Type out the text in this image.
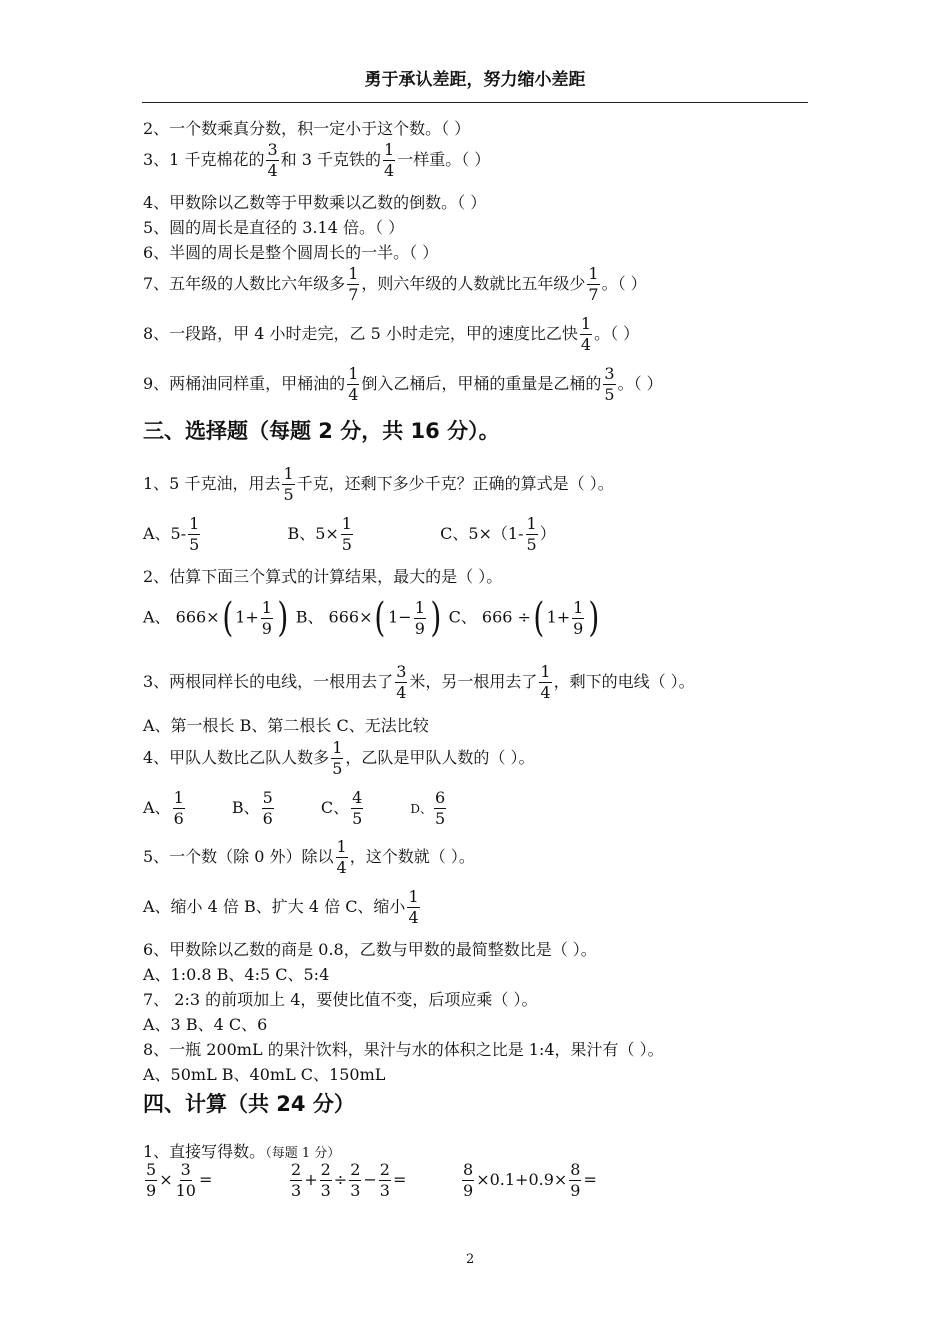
勇于承认差距，努力缩小差距
2、一个数乘真分数，积一定小于这个数。（ ）
3、1 千克棉花的 $\frac{3}{4}$ 和 3 千克铁的 $\frac{1}{4}$ 一样重。（ ）
4、甲数除以乙数等于甲数乘以乙数的倒数。（ ）
5、圆的周长是直径的 3.14 倍。（ ）
6、半圆的周长是整个圆周长的一半。（ ）
7、五年级的人数比六年级多 $\frac{1}{7}$ ，则六年级的人数就比五年级少 $\frac{1}{7}$ 。（ ）
8、一段路，甲 4 小时走完，乙 5 小时走完，甲的速度比乙快 $\frac{1}{4}$ 。（ ）
9、两桶油同样重，甲桶油的 $\frac{1}{4}$ 倒入乙桶后，甲桶的重量是乙桶的 $\frac{3}{5}$ 。（ ）
三、选择题（每题 2 分，共 16 分）。
1、5 千克油，用去 $\frac{1}{5}$ 千克，还剩下多少千克？正确的算式是（ ）。
A、$5- \frac{1}{5}$	B、$5\times \frac{1}{5}$	C、$5\times(1- \frac{1}{5}$ ）
2、估算下面三个算式的计算结果，最大的是（ ）。
A、 666×( $1+ \frac{1}{9}$ ) B、 666×( $1- \frac{1}{9}$ ) C、 666 ÷( $1+ \frac{1}{9}$ )
3、两根同样长的电线，一根用去了 $\frac{3}{4}$ 米，另一根用去了 $\frac{1}{4}$ ，剩下的电线（ ）。
A、第一根长 B、第二根长 C、无法比较
4、甲队人数比乙队人数多 $\frac{1}{5}$ ，乙队是甲队人数的（ ）。
A、 $\frac{1}{6}$	B、 $\frac{5}{6}$	C、 $\frac{4}{5}$	D、 $\frac{6}{5}$
5、一个数（除 0 外）除以 $\frac{1}{4}$ ，这个数就（ ）。
A、缩小 4 倍 B、扩大 4 倍 C、缩小 $\frac{1}{4}$
6、甲数除以乙数的商是 0.8，乙数与甲数的最简整数比是（ ）。
A、1:0.8 B、4:5 C、5:4
7、 2:3 的前项加上 4，要使比值不变，后项应乘（ ）。
A、3 B、4 C、6
8、一瓶 200mL 的果汁饮料，果汁与水的体积之比是 1:4，果汁有（ ）。
A、50mL B、40mL C、150mL
四、计算（共 24 分）
1、直接写得数。（每题 1 分）
$\frac{5}{9} \times \frac{3}{10}$ =	$\frac{2}{3} + \frac{2}{3} \div \frac{2}{3} - \frac{2}{3}$ =	$\frac{8}{9} \times 0.1+0.9\times \frac{8}{9}$ =
2
